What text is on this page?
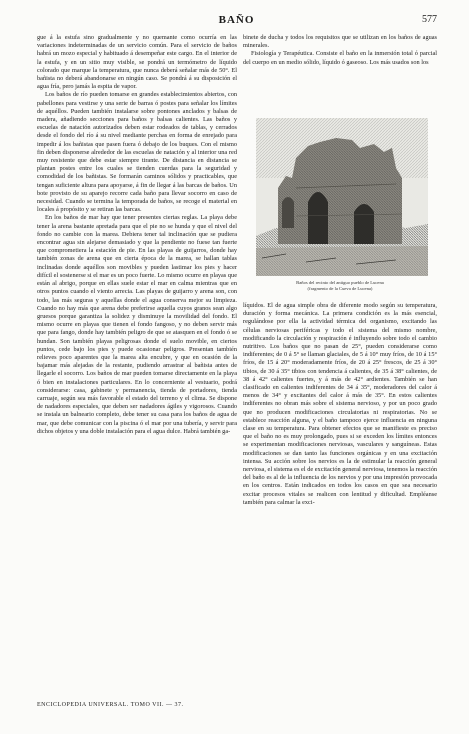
BAÑO	577

gue á la estufa sino gradualmente y no quemante como ocurría en las variaciones indeterminadas de un servicio común. Para el servicio de baños habrá un mozo especial y habituado á desempeñar este cargo. En el interior de la estufa, y en un sitio muy visible, se pondrá un termómetro de líquido colorado que marque la temperatura, que nunca deberá señalar más de 50°. El bañista no deberá abandonarse en ningún caso. Se pondrá á su disposición el agua fría, pero jamás la espita de vapor.

Los baños de río pueden tomarse en grandes establecimientos abiertos, con pabellones para vestirse y una serie de barras ó postes para señalar los límites de aquéllos. Pueden también instalarse sobre pontones anclados y balsas de madera, añadiendo secciones para baños y balsas calientes. Las baños y escuelas de natación autorizados deben estar rodeados de tablas, y cerrados desde el fondo del río á su nivel mediante perchas en forma de enrejado para impedir á los bañistas que pasen fuera ó debajo de los buques. Con el mismo fin deben disponerse alrededor de las escuelas de natación y al interior una red muy resistente que debe estar siempre tirante. De distancia en distancia se plantan postes entre los cuales se tienden cuerdas para la seguridad y comodidad de los bañistas. Se formarán caminos sólidos y practicables, que tengan suficiente altura para apoyarse, á fin de llegar á las barcas de baños. Un bote provisto de su aparejo recorre cada baño para llevar socorro en caso de necesidad. Cuando se termina la temporada de baños, se recoge el material en locales á propósito y se retiran las barcas.

En los baños de mar hay que tener presentes ciertas reglas. La playa debe tener la arena bastante apretada para que el pie no se hunda y que el nivel del fondo no cambie con la marea. Debiera tener tal inclinación que se pudiera encontrar agua sin alejarse demasiado y que la pendiente no fuese tan fuerte que comprometiera la estación de pie. En las playas de guijarros, donde hay también zonas de arena que en cierta época de la marea, se hallan tablas inclinadas donde aquéllos son movibles y pueden lastimar los pies y hacer difícil el sostenerse si el mar es un poco fuerte. Lo mismo ocurre en playas que están al abrigo, porque en ellas suele estar el mar en calma mientras que en otros puntos cuando el viento arrecia. Las playas de guijarro y arena son, con todo, las más seguras y aquellas donde el agua conserva mejor su limpieza. Cuando no hay más que arena debe preferirse aquella cuyos granos sean algo gruesos porque garantiza la solidez y disminuye la movilidad del fondo. El mismo ocurre en playas que tienen el fondo fangoso, y no deben servir más que para fango, donde hay también peligro de que se atasquen en el fondo ó se hundan. Son también playas peligrosas donde el suelo movible, en ciertos puntos, cede bajo los pies y puede ocasionar peligros. Presentan también relieves poco aparentes que la marea alta encubre, y que en ocasión de la bajamar más alejadas de la restante, pudiendo arrastrar al bañista antes de llegarle el socorro. Los baños de mar pueden tomarse directamente en la playa ó bien en instalaciones particulares. En lo concerniente al vestuario, podrá considerarse: casa, gabinete y permanencia, tienda de portadores, tienda carruaje, según sea más favorable el estado del terreno y el clima. Se dispone de nadadores especiales, que deben ser nadadores ágiles y vigorosos. Cuando se instala un balneario completo, debe tener su casa para los baños de agua de mar, que debe comunicar con la piscina ó el mar por una tubería, y servir para dichos objetos y una doble instalación para el agua dulce. Habrá también ga-

binete de ducha y todos los requisitos que se utilizan en los baños de aguas minerales.

Fisiología y Terapéutica. Consiste el baño en la inmersión total ó parcial del cuerpo en un medio sólido, líquido ó gaseoso. Los más usados son los

Baños del recinto del antiguo pueblo de Lucena
(fragmento de la Cueva de Lucena)

líquidos. El de agua simple obra de diferente modo según su temperatura, duración y forma mecánica. La primera condición es la más esencial, regulándose por ella la actividad térmica del organismo, excitando las células nerviosas periféricas y todo el sistema del mismo nombre, modificando la circulación y respiración é influyendo sobre todo el cambio nutritivo. Los baños que no pasan de 25°, pueden considerarse como indiferentes; de 0 á 5° se llaman glaciales, de 5 á 10° muy fríos, de 10 á 15° fríos, de 15 á 20° moderadamente fríos, de 20 á 25° frescos, de 25 á 30° tibios, de 30 á 35° tibios con tendencia á calientes, de 35 á 38° calientes, de 38 á 42° calientes fuertes, y á más de 42° ardientes. También se han clasificado en calientes indiferentes de 34 á 35°, moderadores del calor á menos de 34° y excitantes del calor á más de 35°. En estos calientes indiferentes no obran más sobre el sistema nervioso, y por un poco grado que no producen modificaciones circulatorias ni respiratorias. No se establece reacción alguna, y el baño tampoco ejerce influencia en ninguna clase en su temperatura. Para obtener efectos que se manifieste es preciso que el baño no es muy prolongado, pues si se exceden los límites entonces se experimentan modificaciones nerviosas, vasculares y sanguíneas. Estas modificaciones se dan tanto las funciones orgánicas y en una excitación intensa. Su acción sobre los nervios es la de estimular la reacción general nerviosa, el sistema es el de excitación general nerviosa, tenemos la reacción del baño es al de la influencia de los nervios y por una impresión provocada en los centros. Están indicados en todos los casos en que sea necesario excitar procesos vitales se realicen con lentitud y dificultad. Empléanse también para calmar la exci-

ENCICLOPEDIA UNIVERSAL. TOMO VII. — 37.
